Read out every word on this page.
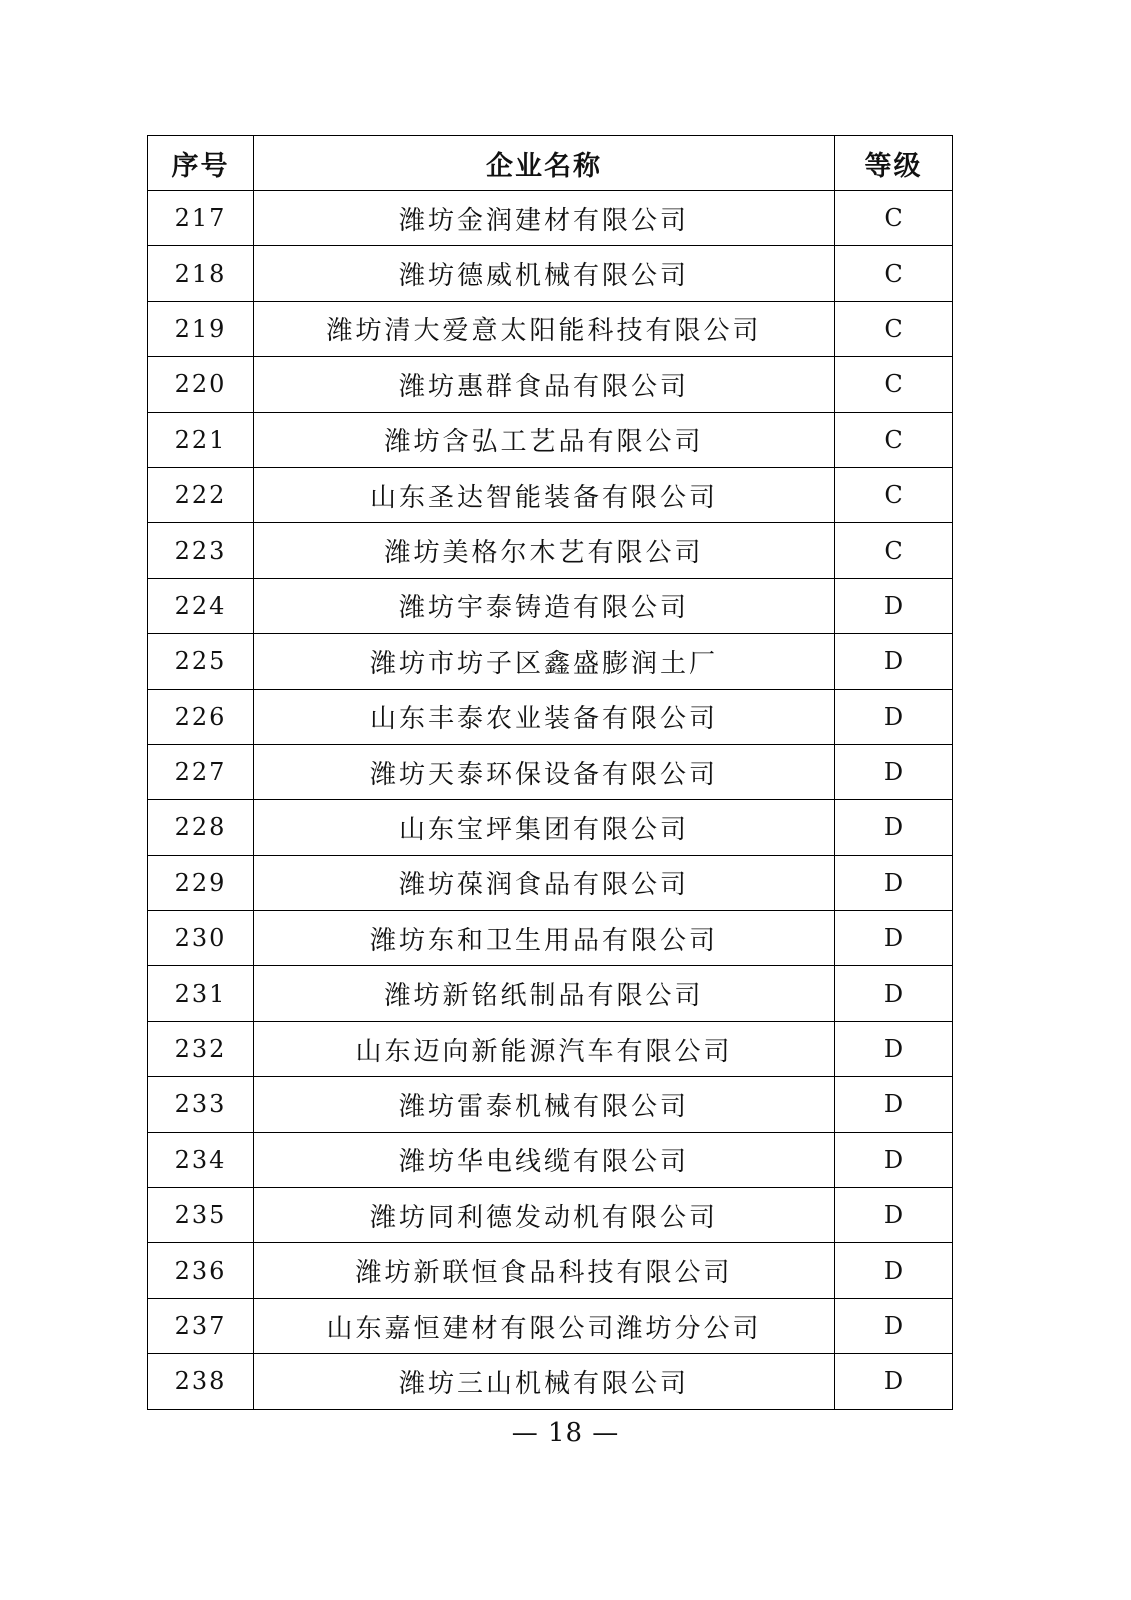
序号	企业名称	等级
217	潍坊金润建材有限公司	C
218	潍坊德威机械有限公司	C
219	潍坊清大爱意太阳能科技有限公司	C
220	潍坊惠群食品有限公司	C
221	潍坊含弘工艺品有限公司	C
222	山东圣达智能装备有限公司	C
223	潍坊美格尔木艺有限公司	C
224	潍坊宇泰铸造有限公司	D
225	潍坊市坊子区鑫盛膨润土厂	D
226	山东丰泰农业装备有限公司	D
227	潍坊天泰环保设备有限公司	D
228	山东宝坪集团有限公司	D
229	潍坊葆润食品有限公司	D
230	潍坊东和卫生用品有限公司	D
231	潍坊新铭纸制品有限公司	D
232	山东迈向新能源汽车有限公司	D
233	潍坊雷泰机械有限公司	D
234	潍坊华电线缆有限公司	D
235	潍坊同利德发动机有限公司	D
236	潍坊新联恒食品科技有限公司	D
237	山东嘉恒建材有限公司潍坊分公司	D
238	潍坊三山机械有限公司	D
— 18 —
